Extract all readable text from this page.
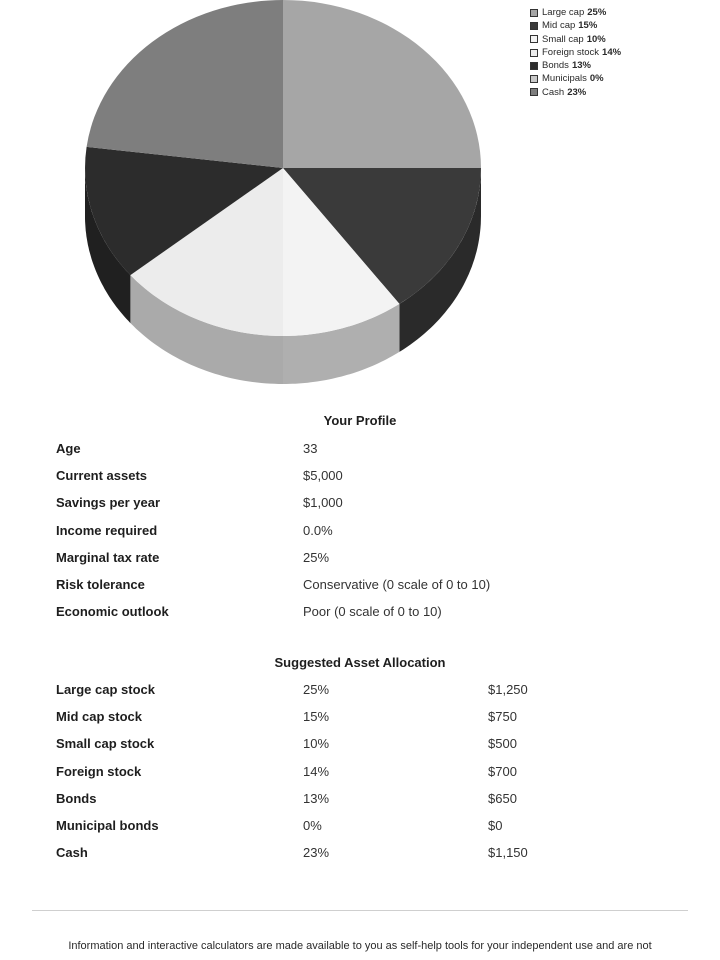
Large cap 25%
Mid cap 15%
Small cap 10%
Foreign stock 14%
Bonds 13%
Municipals 0%
Cash 23%
Your Profile
Age	33
Current assets	$5,000
Savings per year	$1,000
Income required	0.0%
Marginal tax rate	25%
Risk tolerance	Conservative (0 scale of 0 to 10)
Economic outlook	Poor (0 scale of 0 to 10)
Suggested Asset Allocation
Large cap stock	25%	$1,250
Mid cap stock	15%	$750
Small cap stock	10%	$500
Foreign stock	14%	$700
Bonds	13%	$650
Municipal bonds	0%	$0
Cash	23%	$1,150
Information and interactive calculators are made available to you as self-help tools for your independent use and are not
